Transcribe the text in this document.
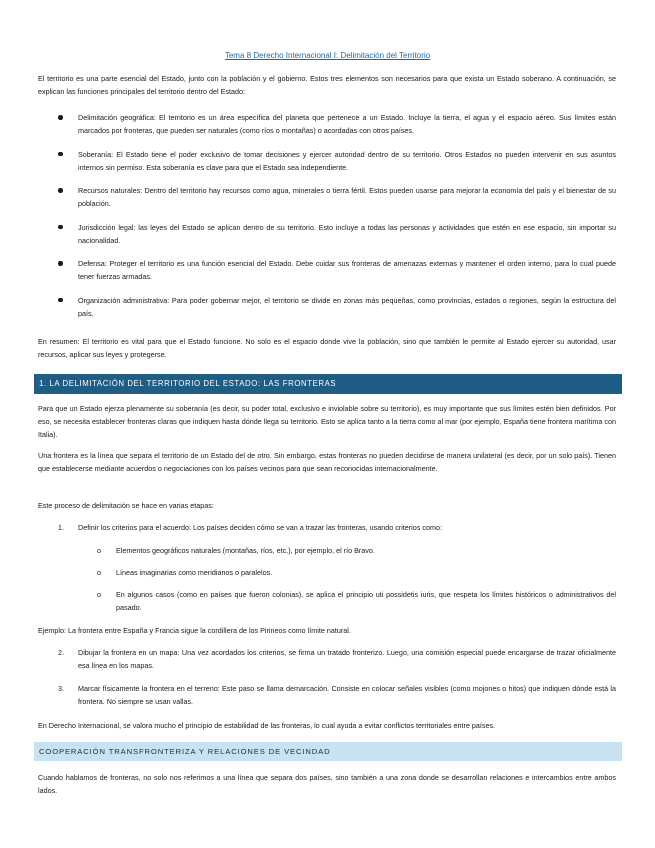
Tema 8 Derecho Internacional I: Delimitación del Territorio

El territorio es una parte esencial del Estado, junto con la población y el gobierno. Estos tres elementos son necesarios para que exista un Estado soberano. A continuación, se explican las funciones principales del territorio dentro del Estado:

Delimitación geográfica: El territorio es un área específica del planeta que pertenece a un Estado. Incluye la tierra, el agua y el espacio aéreo. Sus límites están marcados por fronteras, que pueden ser naturales (como ríos o montañas) o acordadas con otros países.
Soberanía: El Estado tiene el poder exclusivo de tomar decisiones y ejercer autoridad dentro de su territorio. Otros Estados no pueden intervenir en sus asuntos internos sin permiso. Esta soberanía es clave para que el Estado sea independiente.
Recursos naturales: Dentro del territorio hay recursos como agua, minerales o tierra fértil. Estos pueden usarse para mejorar la economía del país y el bienestar de su población.
Jurisdicción legal: las leyes del Estado se aplican dentro de su territorio. Esto incluye a todas las personas y actividades que estén en ese espacio, sin importar su nacionalidad.
Defensa: Proteger el territorio es una función esencial del Estado. Debe cuidar sus fronteras de amenazas externas y mantener el orden interno, para lo cual puede tener fuerzas armadas.
Organización administrativa: Para poder gobernar mejor, el territorio se divide en zonas más pequeñas, como provincias, estados o regiones, según la estructura del país.

En resumen: El territorio es vital para que el Estado funcione. No solo es el espacio donde vive la población, sino que también le permite al Estado ejercer su autoridad, usar recursos, aplicar sus leyes y protegerse.

1. LA DELIMITACIÓN DEL TERRITORIO DEL ESTADO: LAS FRONTERAS

Para que un Estado ejerza plenamente su soberanía (es decir, su poder total, exclusivo e inviolable sobre su territorio), es muy importante que sus límites estén bien definidos. Por eso, se necesita establecer fronteras claras que indiquen hasta dónde llega su territorio. Esto se aplica tanto a la tierra como al mar (por ejemplo, España tiene frontera marítima con Italia).

Una frontera es la línea que separa el territorio de un Estado del de otro. Sin embargo, estas fronteras no pueden decidirse de manera unilateral (es decir, por un solo país). Tienen que establecerse mediante acuerdos o negociaciones con los países vecinos para que sean reconocidas internacionalmente.

Este proceso de delimitación se hace en varias etapas:

1. Definir los criterios para el acuerdo: Los países deciden cómo se van a trazar las fronteras, usando criterios como:
o Elementos geográficos naturales (montañas, ríos, etc.), por ejemplo, el río Bravo.
o Líneas imaginarias como meridianos o paralelos.
o En algunos casos (como en países que fueron colonias), se aplica el principio uti possidetis iuris, que respeta los límites históricos o administrativos del pasado.

Ejemplo: La frontera entre España y Francia sigue la cordillera de los Pirineos como límite natural.

2. Dibujar la frontera en un mapa: Una vez acordados los criterios, se firma un tratado fronterizo. Luego, una comisión especial puede encargarse de trazar oficialmente esa línea en los mapas.
3. Marcar físicamente la frontera en el terreno: Este paso se llama demarcación. Consiste en colocar señales visibles (como mojones o hitos) que indiquen dónde está la frontera. No siempre se usan vallas.

En Derecho Internacional, se valora mucho el principio de estabilidad de las fronteras, lo cual ayuda a evitar conflictos territoriales entre países.

COOPERACIÓN TRANSFRONTERIZA Y RELACIONES DE VECINDAD

Cuando hablamos de fronteras, no solo nos referimos a una línea que separa dos países, sino también a una zona donde se desarrollan relaciones e intercambios entre ambos lados.
